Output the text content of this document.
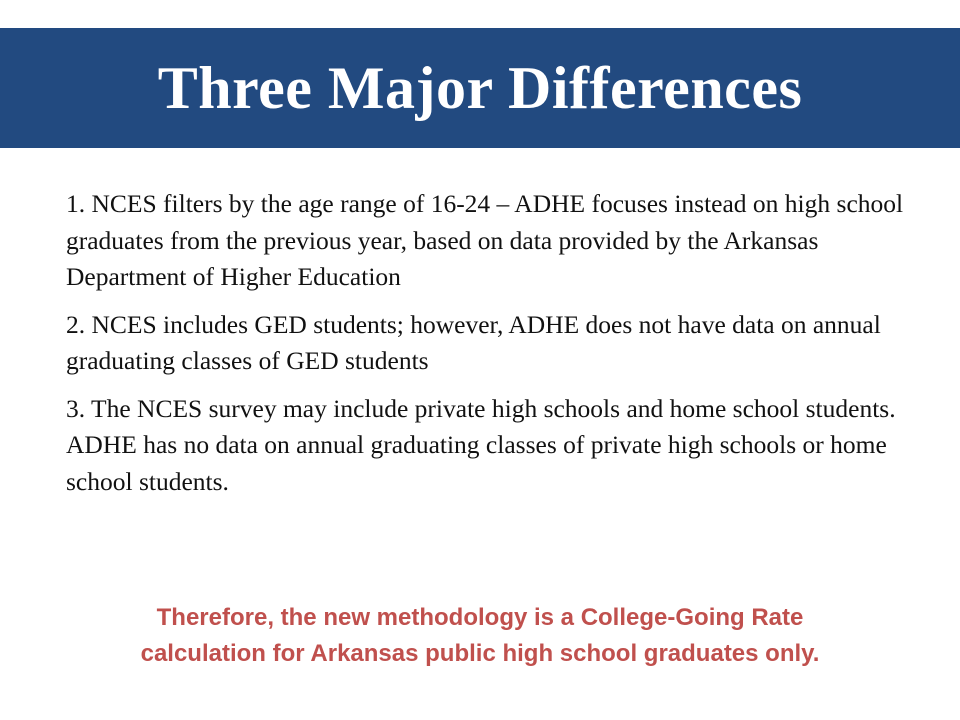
Three Major Differences

1. NCES filters by the age range of 16-24 – ADHE focuses instead on high school graduates from the previous year, based on data provided by the Arkansas Department of Higher Education

2. NCES includes GED students; however, ADHE does not have data on annual graduating classes of GED students

3. The NCES survey may include private high schools and home school students. ADHE has no data on annual graduating classes of private high schools or home school students.

Therefore, the new methodology is a College-Going Rate
calculation for Arkansas public high school graduates only.
